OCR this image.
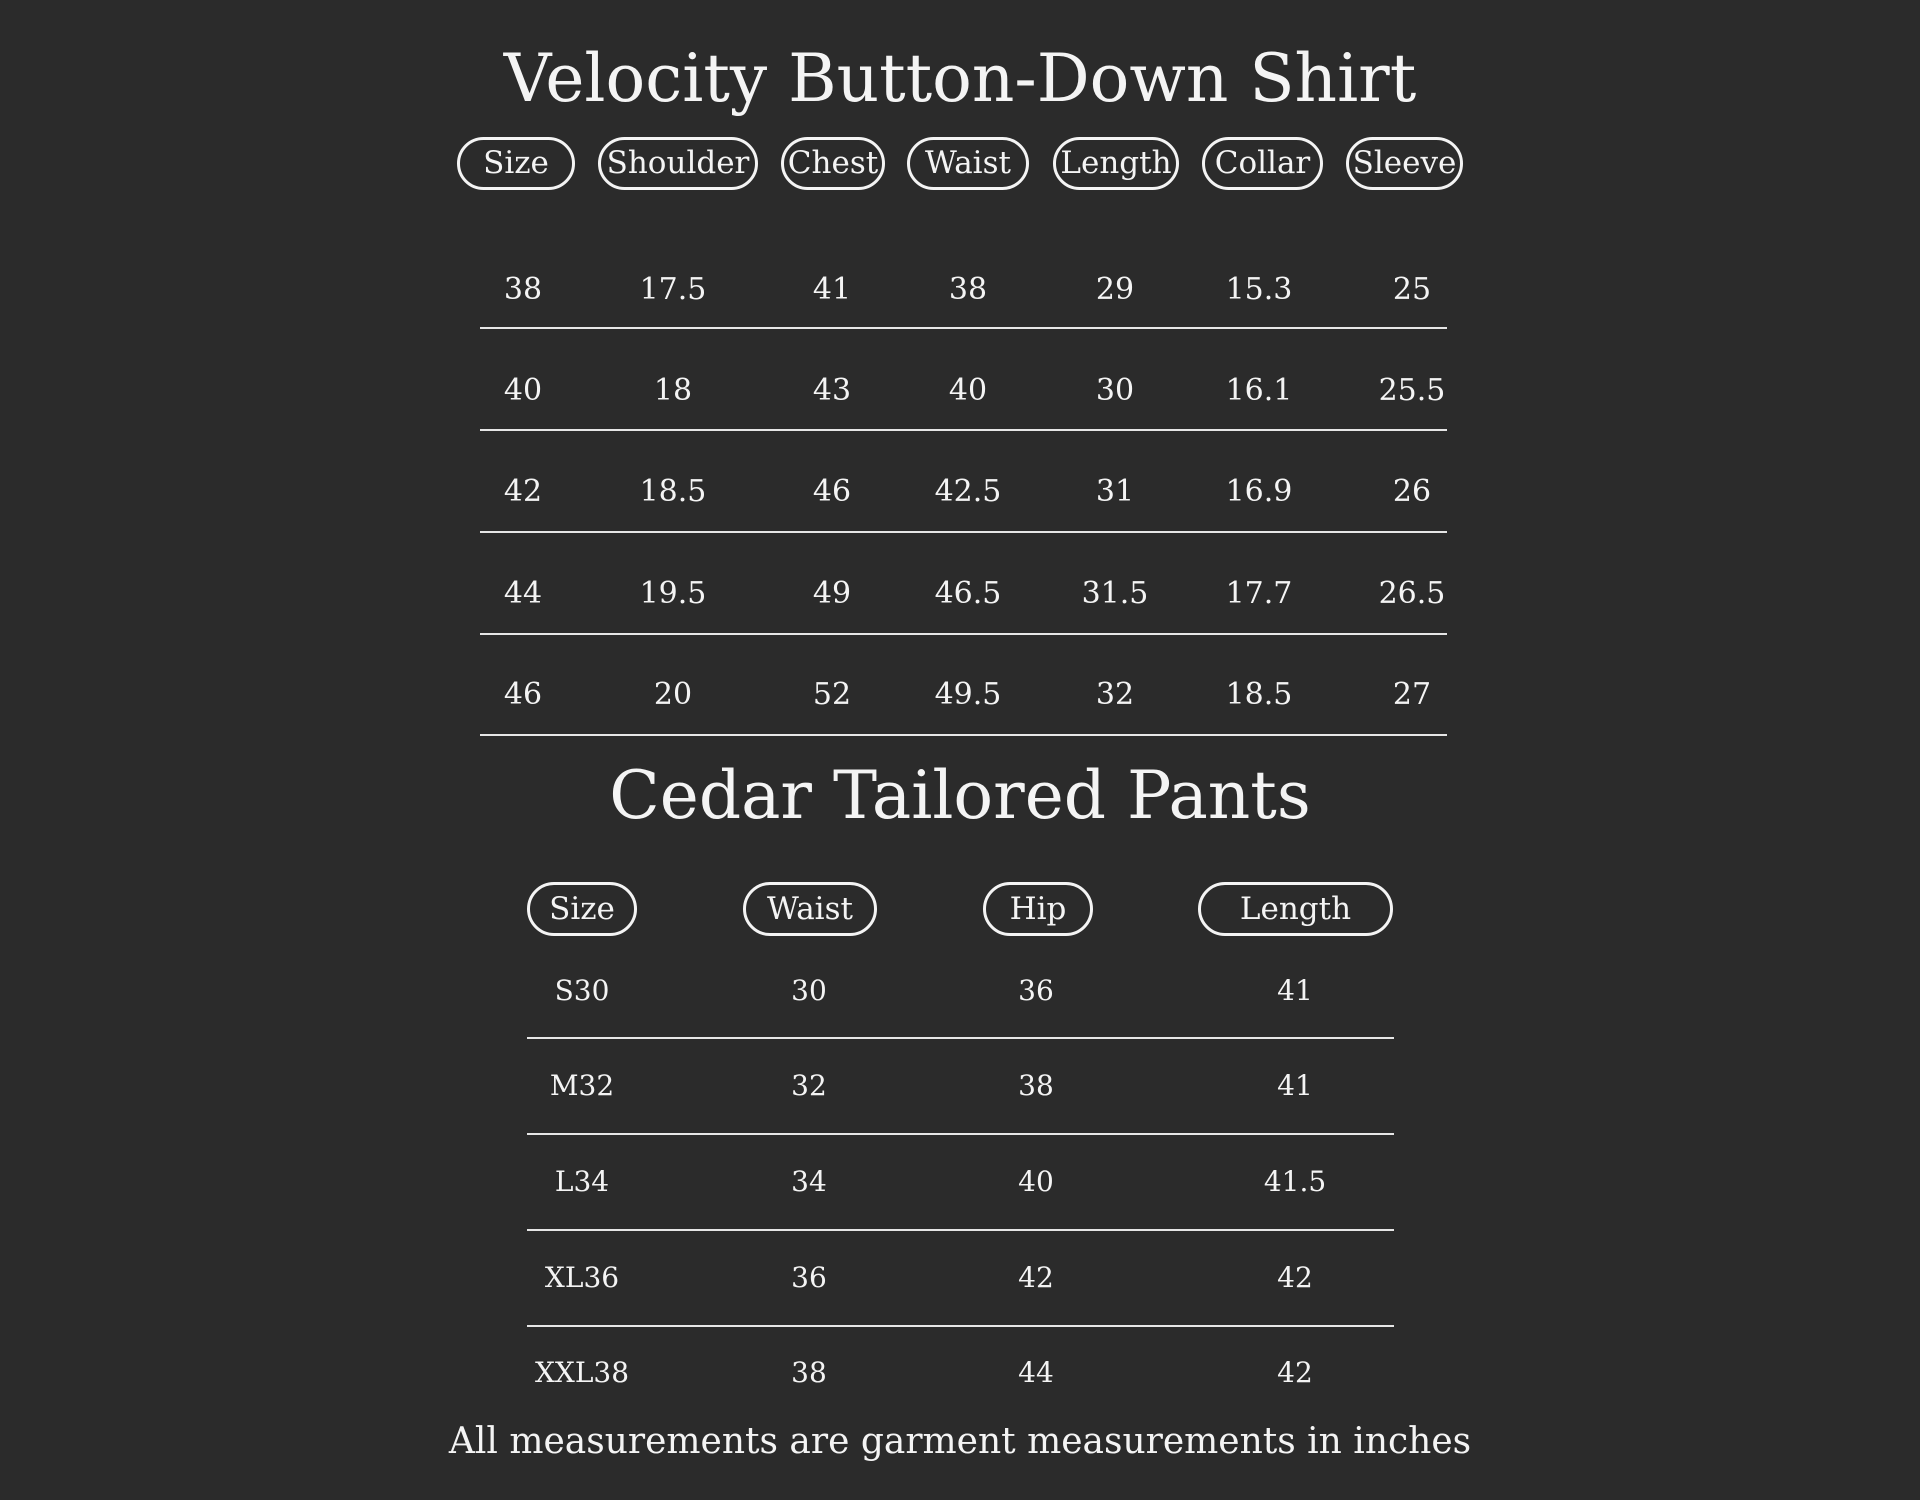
Velocity Button-Down Shirt
Size	Shoulder Chest	Waist	Length	Collar	Sleeve
38	17.5	41	38	29	15.3	25
40	18	43	40	30	16.1	25.5
42	18.5	46	42.5	31	16.9	26
44	19.5	49	46.5	31.5	17.7	26.5
46	20	52	49.5	32	18.5	27
Cedar Tailored Pants
Size	Waist	Hip	Length
S30	30	36	41
M32	32	38	41
L34	34	40	41.5
XL36	36	42	42
XXL38	38	44	42
All measurements are garment measurements in inches
